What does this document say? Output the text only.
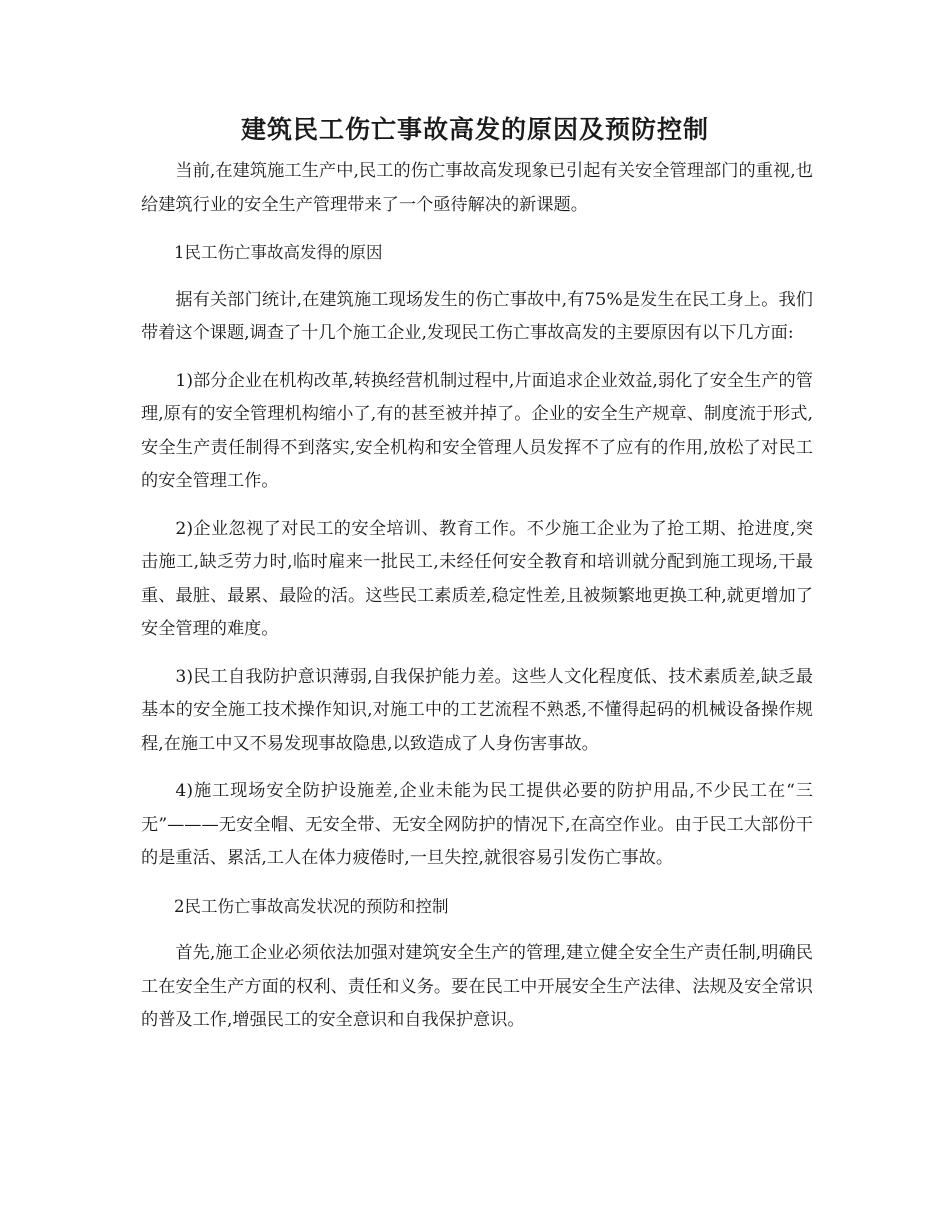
建筑民工伤亡事故高发的原因及预防控制

当前,在建筑施工生产中,民工的伤亡事故高发现象已引起有关安全管理部门的重视,也给建筑行业的安全生产管理带来了一个亟待解决的新课题。

1民工伤亡事故高发得的原因

据有关部门统计,在建筑施工现场发生的伤亡事故中,有75%是发生在民工身上。我们带着这个课题,调查了十几个施工企业,发现民工伤亡事故高发的主要原因有以下几方面:

1)部分企业在机构改革,转换经营机制过程中,片面追求企业效益,弱化了安全生产的管理,原有的安全管理机构缩小了,有的甚至被并掉了。企业的安全生产规章、制度流于形式,安全生产责任制得不到落实,安全机构和安全管理人员发挥不了应有的作用,放松了对民工的安全管理工作。

2)企业忽视了对民工的安全培训、教育工作。不少施工企业为了抢工期、抢进度,突击施工,缺乏劳力时,临时雇来一批民工,未经任何安全教育和培训就分配到施工现场,干最重、最脏、最累、最险的活。这些民工素质差,稳定性差,且被频繁地更换工种,就更增加了安全管理的难度。

3)民工自我防护意识薄弱,自我保护能力差。这些人文化程度低、技术素质差,缺乏最基本的安全施工技术操作知识,对施工中的工艺流程不熟悉,不懂得起码的机械设备操作规程,在施工中又不易发现事故隐患,以致造成了人身伤害事故。

4)施工现场安全防护设施差,企业未能为民工提供必要的防护用品,不少民工在“三无”———无安全帽、无安全带、无安全网防护的情况下,在高空作业。由于民工大部份干的是重活、累活,工人在体力疲倦时,一旦失控,就很容易引发伤亡事故。

2民工伤亡事故高发状况的预防和控制

首先,施工企业必须依法加强对建筑安全生产的管理,建立健全安全生产责任制,明确民工在安全生产方面的权利、责任和义务。要在民工中开展安全生产法律、法规及安全常识的普及工作,增强民工的安全意识和自我保护意识。
